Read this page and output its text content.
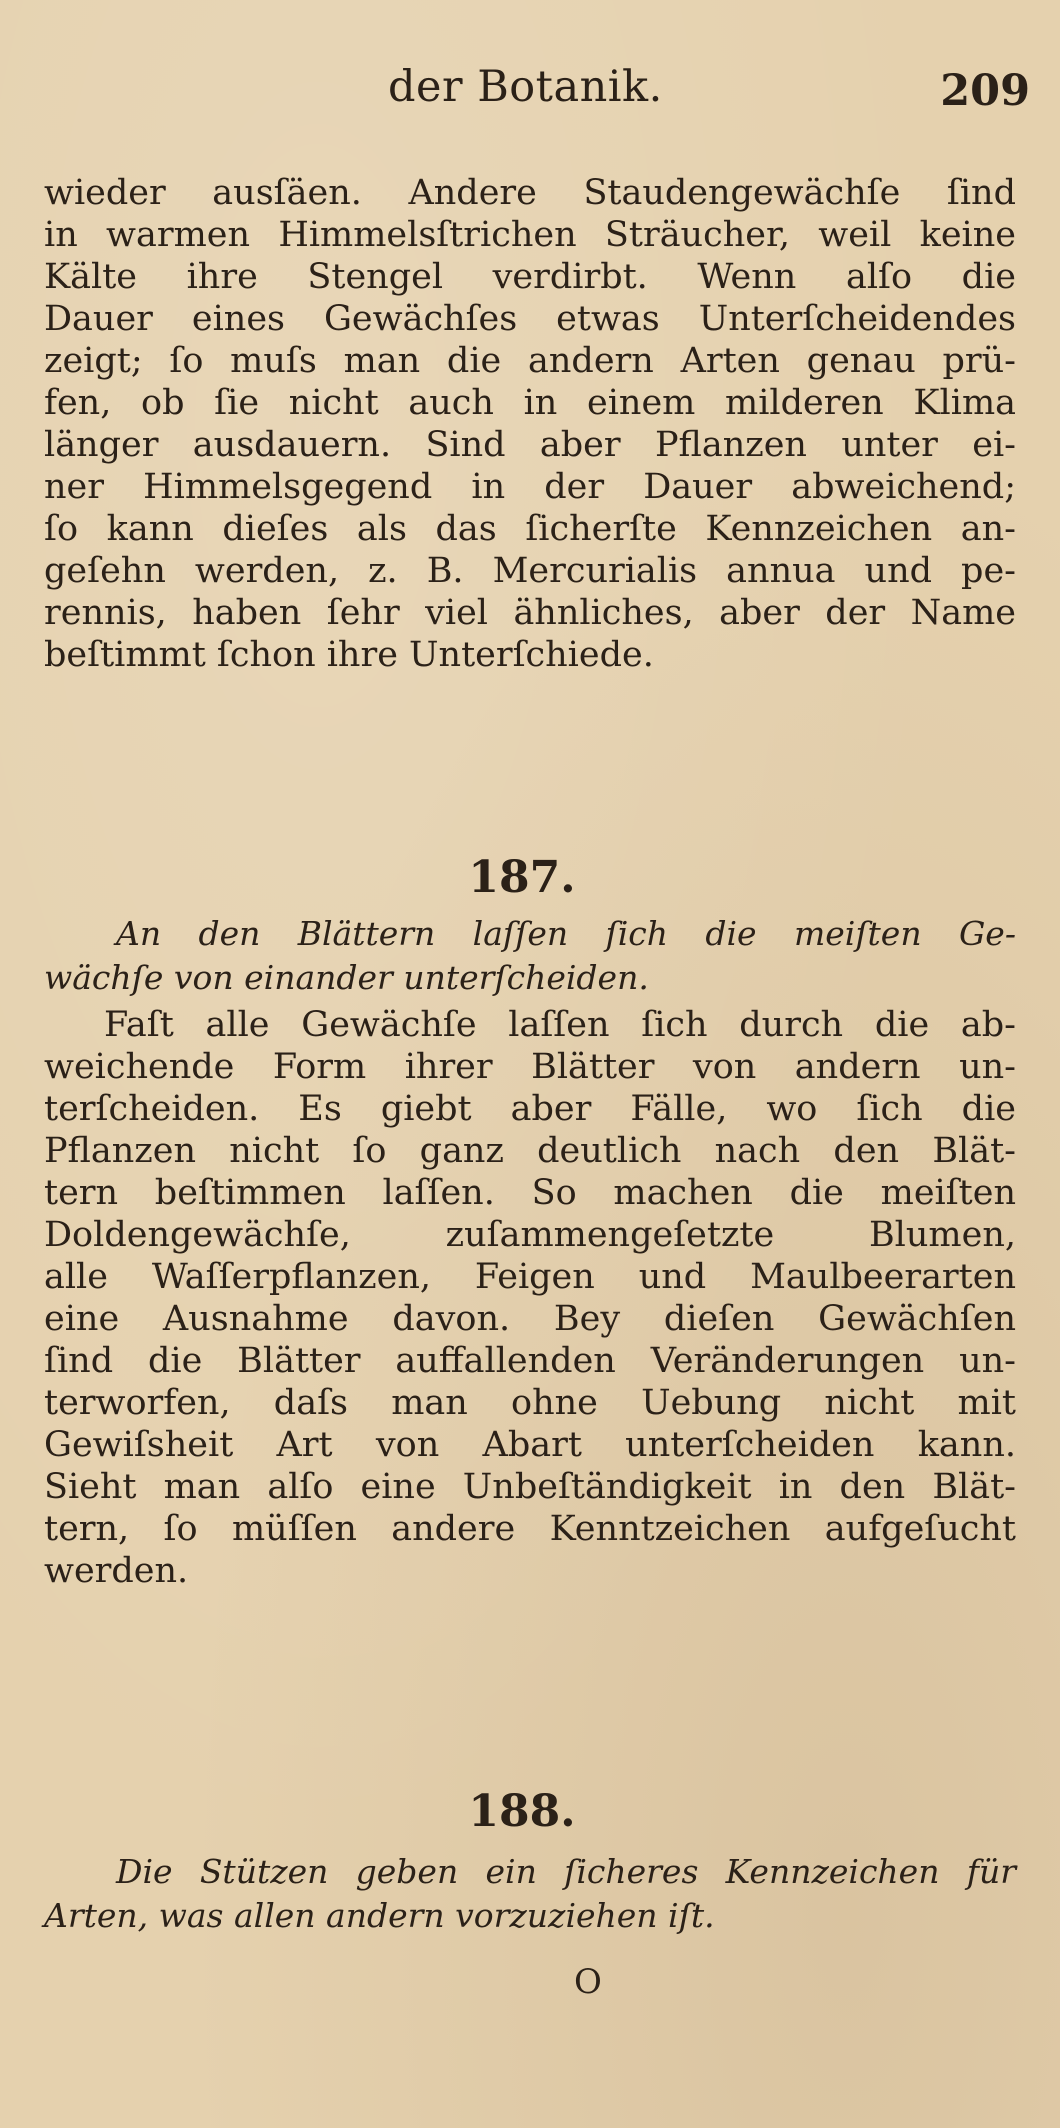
der Botanik.	209
wieder ausſäen. Andere Staudengewächſe ſind
in warmen Himmelsſtrichen Sträucher, weil keine
Kälte ihre Stengel verdirbt. Wenn alſo die
Dauer eines Gewächſes etwas Unterſcheidendes
zeigt; ſo muſs man die andern Arten genau prü-
fen, ob ſie nicht auch in einem milderen Klima
länger ausdauern. Sind aber Pflanzen unter ei-
ner Himmelsgegend in der Dauer abweichend;
ſo kann dieſes als das ſicherſte Kennzeichen an-
geſehn werden, z. B. Mercurialis annua und pe-
rennis, haben ſehr viel ähnliches, aber der Name
beſtimmt ſchon ihre Unterſchiede.
187.
An den Blättern laſſen ſich die meiſten Ge-
wächſe von einander unterſcheiden.
Faſt alle Gewächſe laſſen ſich durch die ab-
weichende Form ihrer Blätter von andern un-
terſcheiden. Es giebt aber Fälle, wo ſich die
Pflanzen nicht ſo ganz deutlich nach den Blät-
tern beſtimmen laſſen. So machen die meiſten
Doldengewächſe, zuſammengeſetzte Blumen,
alle Waſſerpflanzen, Feigen und Maulbeerarten
eine Ausnahme davon. Bey dieſen Gewächſen
ſind die Blätter auffallenden Veränderungen un-
terworfen, daſs man ohne Uebung nicht mit
Gewiſsheit Art von Abart unterſcheiden kann.
Sieht man alſo eine Unbeſtändigkeit in den Blät-
tern, ſo müſſen andere Kenntzeichen aufgeſucht
werden.
188.
Die Stützen geben ein ſicheres Kennzeichen für
Arten, was allen andern vorzuziehen iſt.
O
